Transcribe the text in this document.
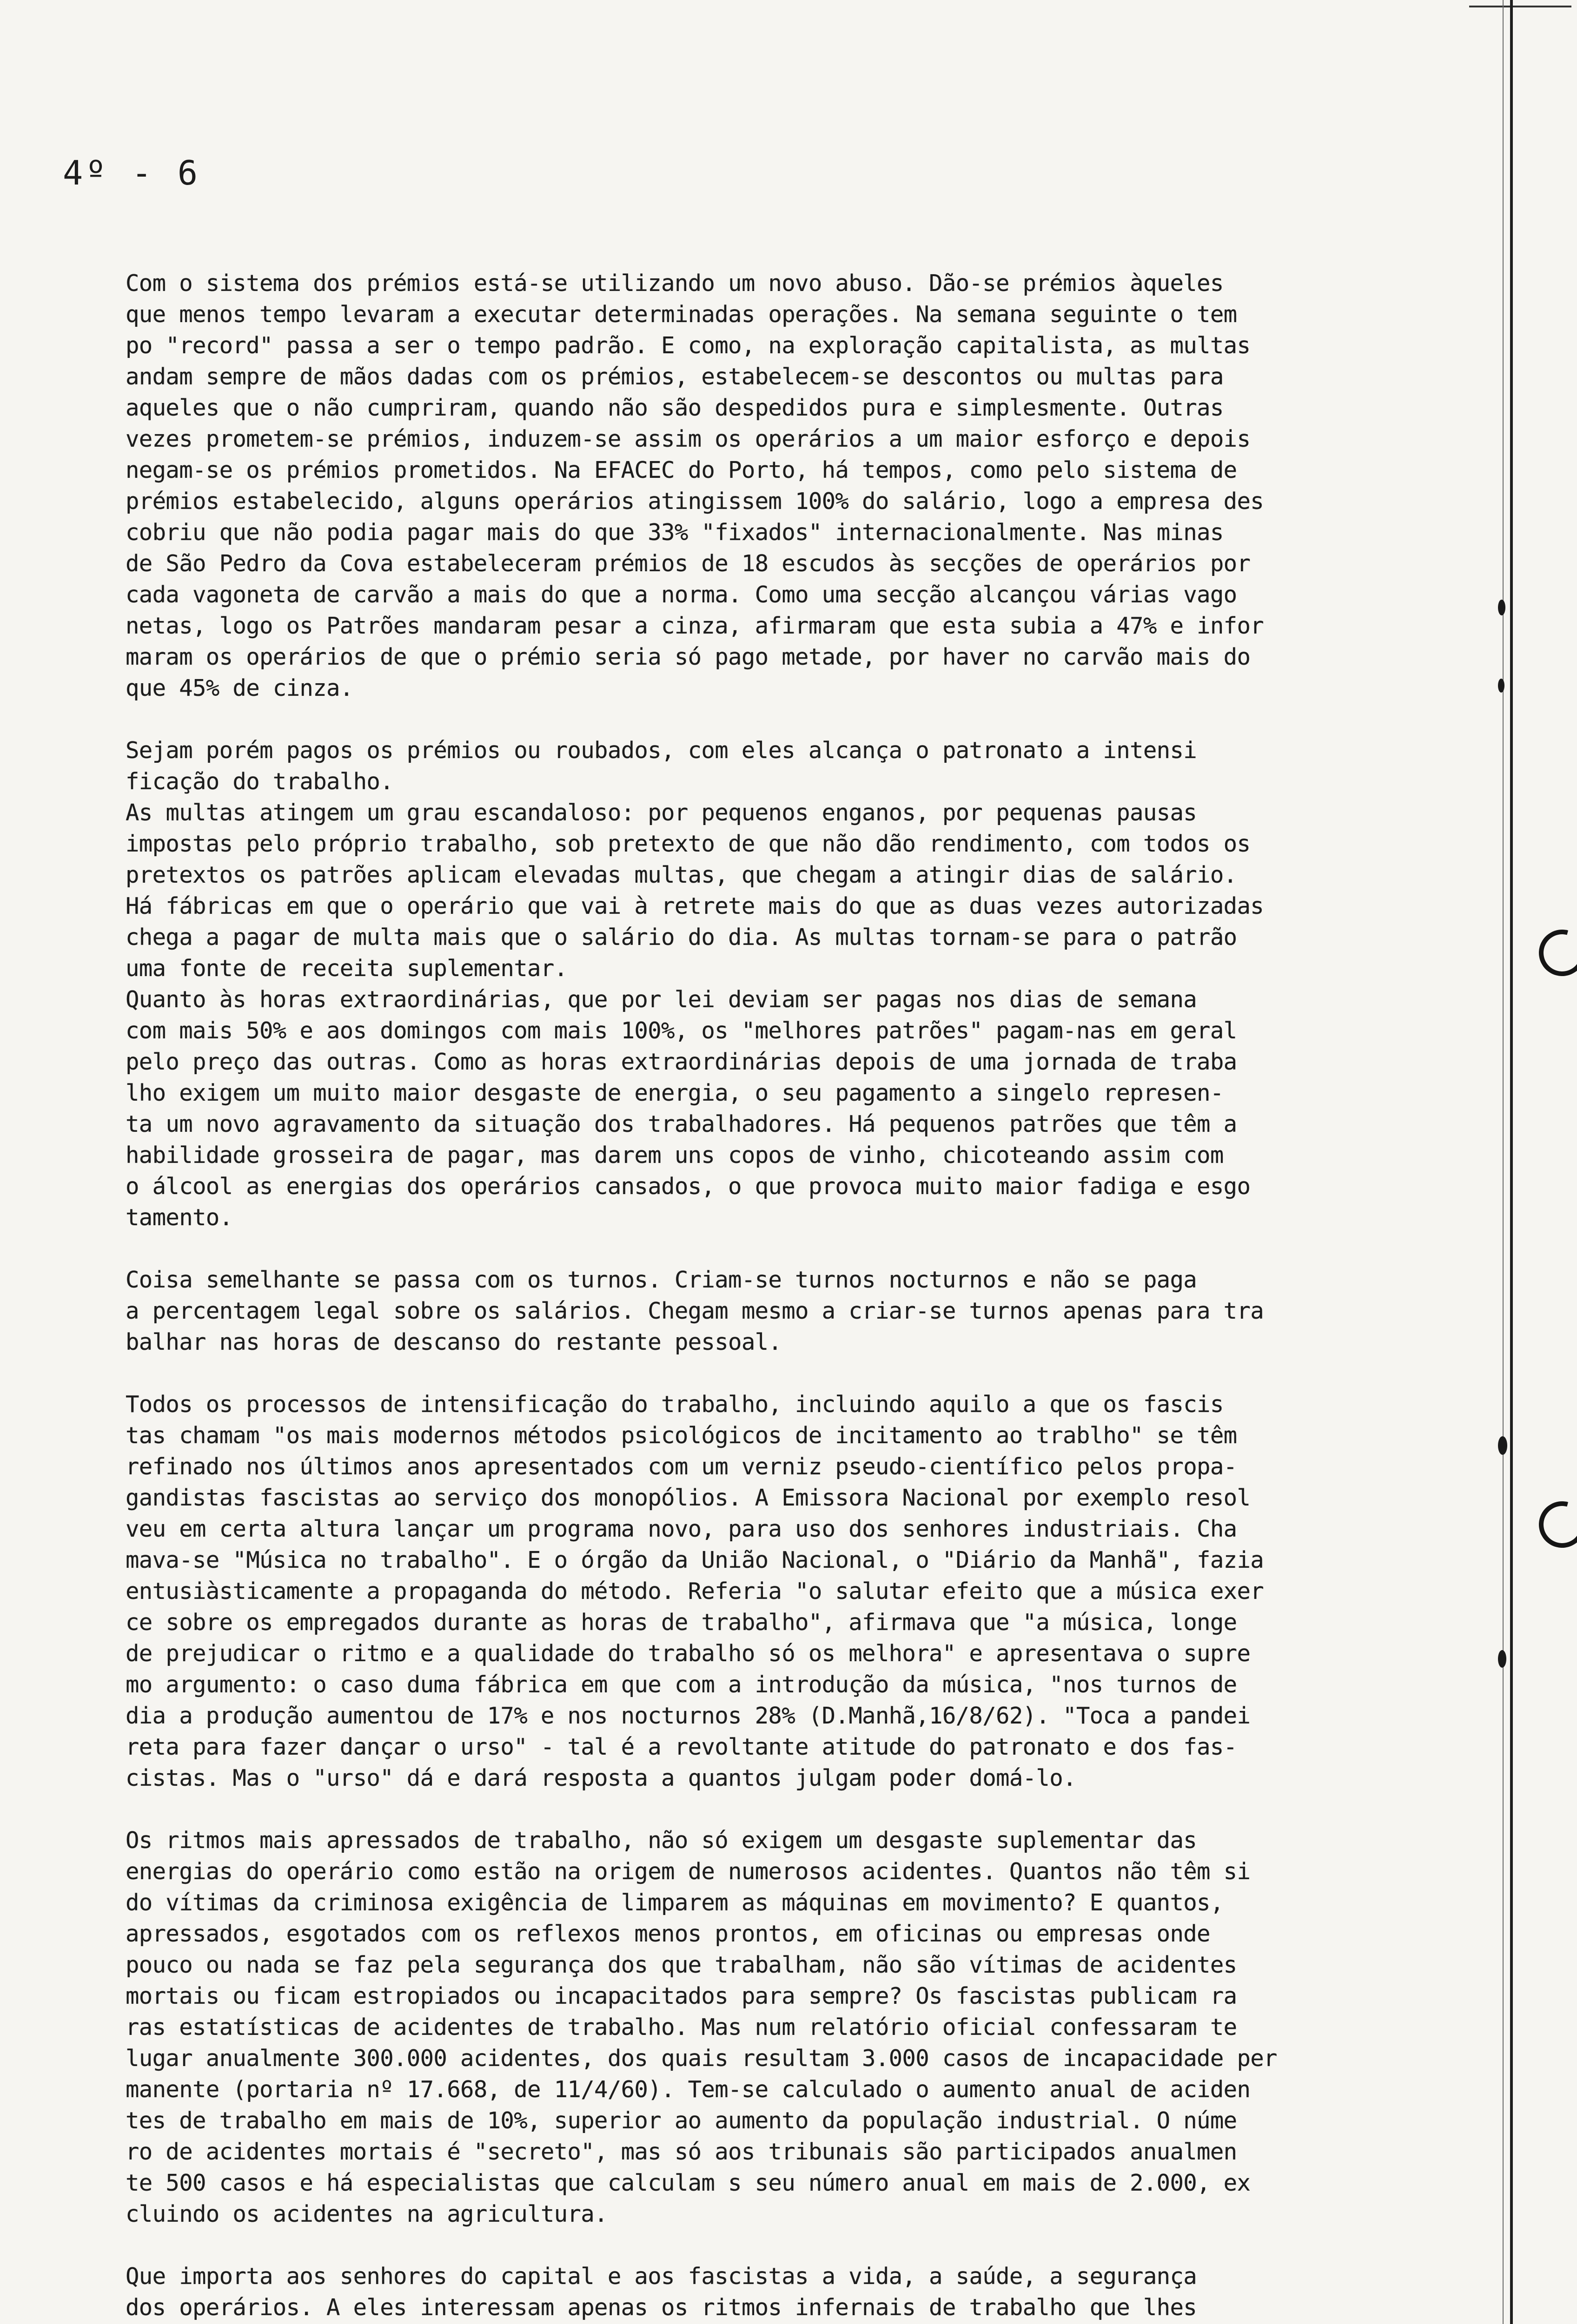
4º - 6

Com o sistema dos prémios está-se utilizando um novo abuso. Dão-se prémios àqueles
que menos tempo levaram a executar determinadas operações. Na semana seguinte o tem
po "record" passa a ser o tempo padrão. E como, na exploração capitalista, as multas
andam sempre de mãos dadas com os prémios, estabelecem-se descontos ou multas para
aqueles que o não cumpriram, quando não são despedidos pura e simplesmente. Outras
vezes prometem-se prémios, induzem-se assim os operários a um maior esforço e depois
negam-se os prémios prometidos. Na EFACEC do Porto, há tempos, como pelo sistema de
prémios estabelecido, alguns operários atingissem 100% do salário, logo a empresa des
cobriu que não podia pagar mais do que 33% "fixados" internacionalmente. Nas minas
de São Pedro da Cova estabeleceram prémios de 18 escudos às secções de operários por
cada vagoneta de carvão a mais do que a norma. Como uma secção alcançou várias vago
netas, logo os Patrões mandaram pesar a cinza, afirmaram que esta subia a 47% e infor
maram os operários de que o prémio seria só pago metade, por haver no carvão mais do
que 45% de cinza.

Sejam porém pagos os prémios ou roubados, com eles alcança o patronato a intensi
ficação do trabalho.

As multas atingem um grau escandaloso: por pequenos enganos, por pequenas pausas
impostas pelo próprio trabalho, sob pretexto de que não dão rendimento, com todos os
pretextos os patrões aplicam elevadas multas, que chegam a atingir dias de salário.
Há fábricas em que o operário que vai à retrete mais do que as duas vezes autorizadas
chega a pagar de multa mais que o salário do dia. As multas tornam-se para o patrão
uma fonte de receita suplementar.

Quanto às horas extraordinárias, que por lei deviam ser pagas nos dias de semana
com mais 50% e aos domingos com mais 100%, os "melhores patrões" pagam-nas em geral
pelo preço das outras. Como as horas extraordinárias depois de uma jornada de traba
lho exigem um muito maior desgaste de energia, o seu pagamento a singelo represen-
ta um novo agravamento da situação dos trabalhadores. Há pequenos patrões que têm a
habilidade grosseira de pagar, mas darem uns copos de vinho, chicoteando assim com
o álcool as energias dos operários cansados, o que provoca muito maior fadiga e esgo
tamento.

Coisa semelhante se passa com os turnos. Criam-se turnos nocturnos e não se paga
a percentagem legal sobre os salários. Chegam mesmo a criar-se turnos apenas para tra
balhar nas horas de descanso do restante pessoal.

Todos os processos de intensificação do trabalho, incluindo aquilo a que os fascis
tas chamam "os mais modernos métodos psicológicos de incitamento ao trablho" se têm
refinado nos últimos anos apresentados com um verniz pseudo-científico pelos propa-
gandistas fascistas ao serviço dos monopólios. A Emissora Nacional por exemplo resol
veu em certa altura lançar um programa novo, para uso dos senhores industriais. Cha
mava-se "Música no trabalho". E o órgão da União Nacional, o "Diário da Manhã", fazia
entusiàsticamente a propaganda do método. Referia "o salutar efeito que a música exer
ce sobre os empregados durante as horas de trabalho", afirmava que "a música, longe
de prejudicar o ritmo e a qualidade do trabalho só os melhora" e apresentava o supre
mo argumento: o caso duma fábrica em que com a introdução da música, "nos turnos de
dia a produção aumentou de 17% e nos nocturnos 28% (D.Manhã,16/8/62). "Toca a pandei
reta para fazer dançar o urso" - tal é a revoltante atitude do patronato e dos fas-
cistas. Mas o "urso" dá e dará resposta a quantos julgam poder domá-lo.

Os ritmos mais apressados de trabalho, não só exigem um desgaste suplementar das
energias do operário como estão na origem de numerosos acidentes. Quantos não têm si
do vítimas da criminosa exigência de limparem as máquinas em movimento? E quantos,
apressados, esgotados com os reflexos menos prontos, em oficinas ou empresas onde
pouco ou nada se faz pela segurança dos que trabalham, não são vítimas de acidentes
mortais ou ficam estropiados ou incapacitados para sempre? Os fascistas publicam ra
ras estatísticas de acidentes de trabalho. Mas num relatório oficial confessaram te
lugar anualmente 300.000 acidentes, dos quais resultam 3.000 casos de incapacidade per
manente (portaria nº 17.668, de 11/4/60). Tem-se calculado o aumento anual de aciden
tes de trabalho em mais de 10%, superior ao aumento da população industrial. O núme
ro de acidentes mortais é "secreto", mas só aos tribunais são participados anualmen
te 500 casos e há especialistas que calculam s seu número anual em mais de 2.000, ex
cluindo os acidentes na agricultura.

Que importa aos senhores do capital e aos fascistas a vida, a saúde, a segurança
dos operários. A eles interessam apenas os ritmos infernais de trabalho que lhes
